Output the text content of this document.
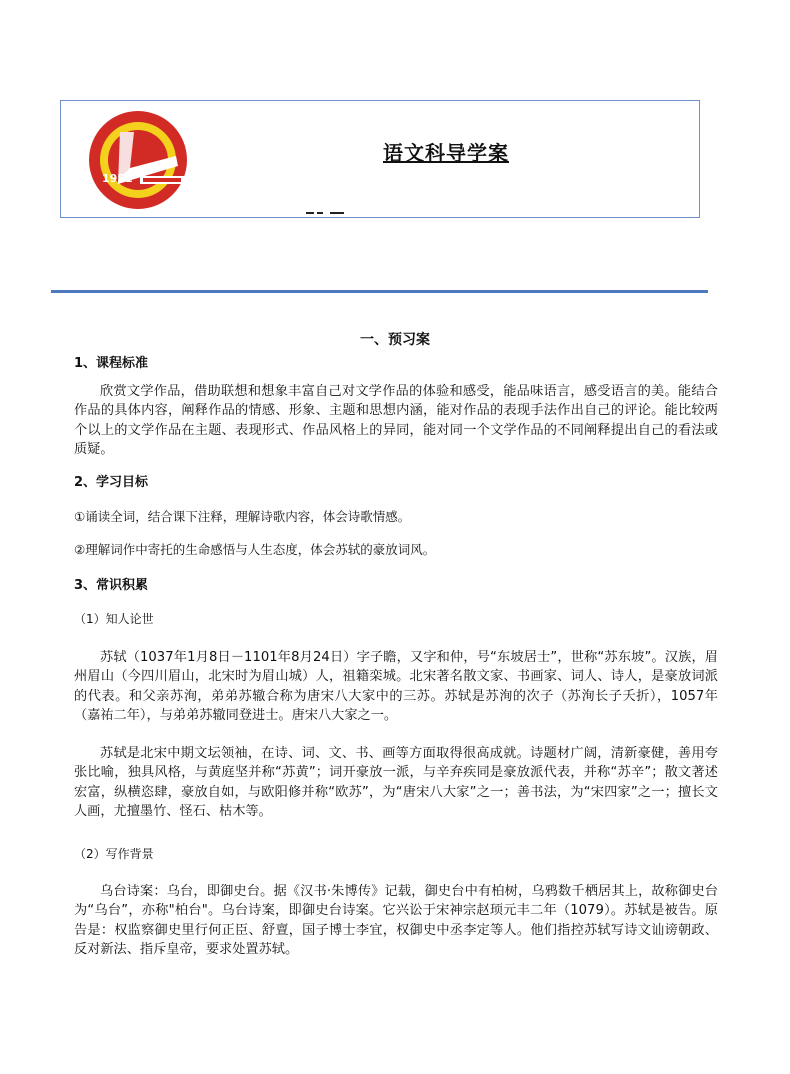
1951
语文科导学案
一、预习案
1、课程标准
欣赏文学作品，借助联想和想象丰富自己对文学作品的体验和感受，能品味语言，感受语言的美。能结合作品的具体内容，阐释作品的情感、形象、主题和思想内涵，能对作品的表现手法作出自己的评论。能比较两个以上的文学作品在主题、表现形式、作品风格上的异同，能对同一个文学作品的不同阐释提出自己的看法或质疑。
2、学习目标
①诵读全词，结合课下注释，理解诗歌内容，体会诗歌情感。
②理解词作中寄托的生命感悟与人生态度，体会苏轼的豪放词风。
3、常识积累
（1）知人论世
苏轼（1037年1月8日－1101年8月24日）字子瞻，又字和仲，号“东坡居士”，世称“苏东坡”。汉族，眉州眉山（今四川眉山，北宋时为眉山城）人，祖籍栾城。北宋著名散文家、书画家、词人、诗人，是豪放词派的代表。和父亲苏洵，弟弟苏辙合称为唐宋八大家中的三苏。苏轼是苏洵的次子（苏洵长子夭折），1057年（嘉祐二年），与弟弟苏辙同登进士。唐宋八大家之一。
苏轼是北宋中期文坛领袖，在诗、词、文、书、画等方面取得很高成就。诗题材广阔，清新豪健，善用夸张比喻，独具风格，与黄庭坚并称“苏黄”；词开豪放一派，与辛弃疾同是豪放派代表，并称“苏辛”；散文著述宏富，纵横恣肆，豪放自如，与欧阳修并称“欧苏”，为“唐宋八大家”之一；善书法，为“宋四家”之一；擅长文人画，尤擅墨竹、怪石、枯木等。
（2）写作背景
乌台诗案：乌台，即御史台。据《汉书·朱博传》记载，御史台中有柏树，乌鸦数千栖居其上，故称御史台为“乌台”，亦称"柏台"。乌台诗案，即御史台诗案。它兴讼于宋神宗赵顼元丰二年（1079）。苏轼是被告。原告是：权监察御史里行何正臣、舒亶，国子博士李宜，权御史中丞李定等人。他们指控苏轼写诗文讪谤朝政、反对新法、指斥皇帝，要求处置苏轼。
